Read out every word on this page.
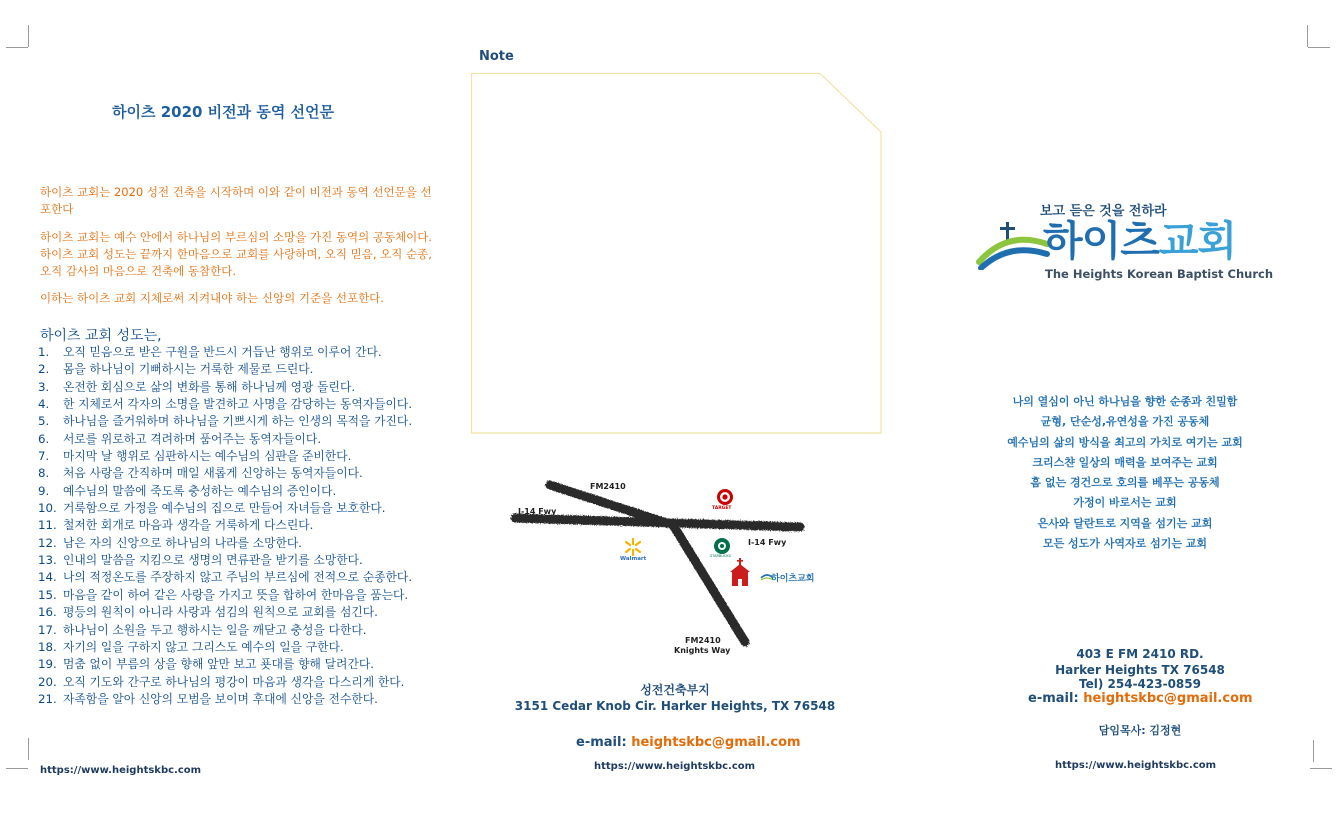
하이츠 2020 비전과 동역 선언문
하이츠 교회는 2020 성전 건축을 시작하며 이와 같이 비전과 동역 선언문을 선포한다
하이츠 교회는 예수 안에서 하나님의 부르심의 소망을 가진 동역의 공동체이다. 하이츠 교회 성도는 끝까지 한마음으로 교회를 사랑하며, 오직 믿음, 오직 순종, 오직 감사의 마음으로 건축에 동참한다.
이하는 하이츠 교회 지체로써 지켜내야 하는 신앙의 기준을 선포한다.
하이츠 교회 성도는,
1. 오직 믿음으로 받은 구원을 반드시 거듭난 행위로 이루어 간다.
2. 몸을 하나님이 기뻐하시는 거룩한 제물로 드린다.
3. 온전한 회심으로 삶의 변화를 통해 하나님께 영광 돌린다.
4. 한 지체로서 각자의 소명을 발견하고 사명을 감당하는 동역자들이다.
5. 하나님을 즐거워하며 하나님을 기쁘시게 하는 인생의 목적을 가진다.
6. 서로를 위로하고 격려하며 품어주는 동역자들이다.
7. 마지막 날 행위로 심판하시는 예수님의 심판을 준비한다.
8. 처음 사랑을 간직하며 매일 새롭게 신앙하는 동역자들이다.
9. 예수님의 말씀에 죽도록 충성하는 예수님의 증인이다.
10. 거룩함으로 가정을 예수님의 집으로 만들어 자녀들을 보호한다.
11. 철저한 회개로 마음과 생각을 거룩하게 다스린다.
12. 남은 자의 신앙으로 하나님의 나라를 소망한다.
13. 인내의 말씀을 지킴으로 생명의 면류관을 받기를 소망한다.
14. 나의 적정온도를 주장하지 않고 주님의 부르심에 전적으로 순종한다.
15. 마음을 같이 하여 같은 사랑을 가지고 뜻을 합하여 한마음을 품는다.
16. 평등의 원칙이 아니라 사랑과 섬김의 원칙으로 교회를 섬긴다.
17. 하나님이 소원을 두고 행하시는 일을 깨닫고 충성을 다한다.
18. 자기의 일을 구하지 않고 그리스도 예수의 일을 구한다.
19. 멈춤 없이 부름의 상을 향해 앞만 보고 푯대를 향해 달려간다.
20. 오직 기도와 간구로 하나님의 평강이 마음과 생각을 다스리게 한다.
21. 자족함을 알아 신앙의 모범을 보이며 후대에 신앙을 전수한다.
https://www.heightskbc.com
Note
FM2410
I-14 Fwy
I-14 Fwy
FM2410
Knights Way
TARGET
Walmart	STARBUCKS
하이츠교회
성전건축부지
3151 Cedar Knob Cir. Harker Heights, TX 76548
e-mail: heightskbc@gmail.com
https://www.heightskbc.com
보고 듣은 것을 전하라
하이츠교회
The Heights Korean Baptist Church
나의 열심이 아닌 하나님을 향한 순종과 친밀함
균형, 단순성,유연성을 가진 공동체
예수님의 삶의 방식을 최고의 가치로 여기는 교회
크리스챤 일상의 매력을 보여주는 교회
흠 없는 경건으로 호의를 베푸는 공동체
가정이 바로서는 교회
은사와 달란트로 지역을 섬기는 교회
모든 성도가 사역자로 섬기는 교회
403 E FM 2410 RD.
Harker Heights TX 76548
Tel) 254-423-0859
e-mail: heightskbc@gmail.com
담임목사: 김정현
https://www.heightskbc.com
